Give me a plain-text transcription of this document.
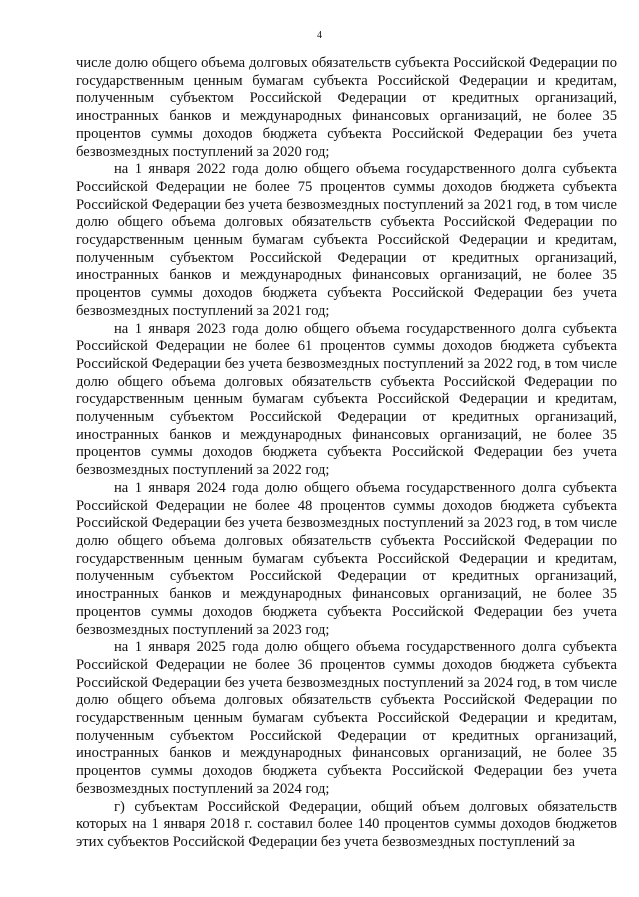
4

числе долю общего объема долговых обязательств субъекта Российской Федерации по государственным ценным бумагам субъекта Российской Федерации и кредитам, полученным субъектом Российской Федерации от кредитных организаций, иностранных банков и международных финансовых организаций, не более 35 процентов суммы доходов бюджета субъекта Российской Федерации без учета безвозмездных поступлений за 2020 год;

на 1 января 2022 года долю общего объема государственного долга субъекта Российской Федерации не более 75 процентов суммы доходов бюджета субъекта Российской Федерации без учета безвозмездных поступлений за 2021 год, в том числе долю общего объема долговых обязательств субъекта Российской Федерации по государственным ценным бумагам субъекта Российской Федерации и кредитам, полученным субъектом Российской Федерации от кредитных организаций, иностранных банков и международных финансовых организаций, не более 35 процентов суммы доходов бюджета субъекта Российской Федерации без учета безвозмездных поступлений за 2021 год;

на 1 января 2023 года долю общего объема государственного долга субъекта Российской Федерации не более 61 процентов суммы доходов бюджета субъекта Российской Федерации без учета безвозмездных поступлений за 2022 год, в том числе долю общего объема долговых обязательств субъекта Российской Федерации по государственным ценным бумагам субъекта Российской Федерации и кредитам, полученным субъектом Российской Федерации от кредитных организаций, иностранных банков и международных финансовых организаций, не более 35 процентов суммы доходов бюджета субъекта Российской Федерации без учета безвозмездных поступлений за 2022 год;

на 1 января 2024 года долю общего объема государственного долга субъекта Российской Федерации не более 48 процентов суммы доходов бюджета субъекта Российской Федерации без учета безвозмездных поступлений за 2023 год, в том числе долю общего объема долговых обязательств субъекта Российской Федерации по государственным ценным бумагам субъекта Российской Федерации и кредитам, полученным субъектом Российской Федерации от кредитных организаций, иностранных банков и международных финансовых организаций, не более 35 процентов суммы доходов бюджета субъекта Российской Федерации без учета безвозмездных поступлений за 2023 год;

на 1 января 2025 года долю общего объема государственного долга субъекта Российской Федерации не более 36 процентов суммы доходов бюджета субъекта Российской Федерации без учета безвозмездных поступлений за 2024 год, в том числе долю общего объема долговых обязательств субъекта Российской Федерации по государственным ценным бумагам субъекта Российской Федерации и кредитам, полученным субъектом Российской Федерации от кредитных организаций, иностранных банков и международных финансовых организаций, не более 35 процентов суммы доходов бюджета субъекта Российской Федерации без учета безвозмездных поступлений за 2024 год;

г) субъектам Российской Федерации, общий объем долговых обязательств которых на 1 января 2018 г. составил более 140 процентов суммы доходов бюджетов этих субъектов Российской Федерации без учета безвозмездных поступлений за
